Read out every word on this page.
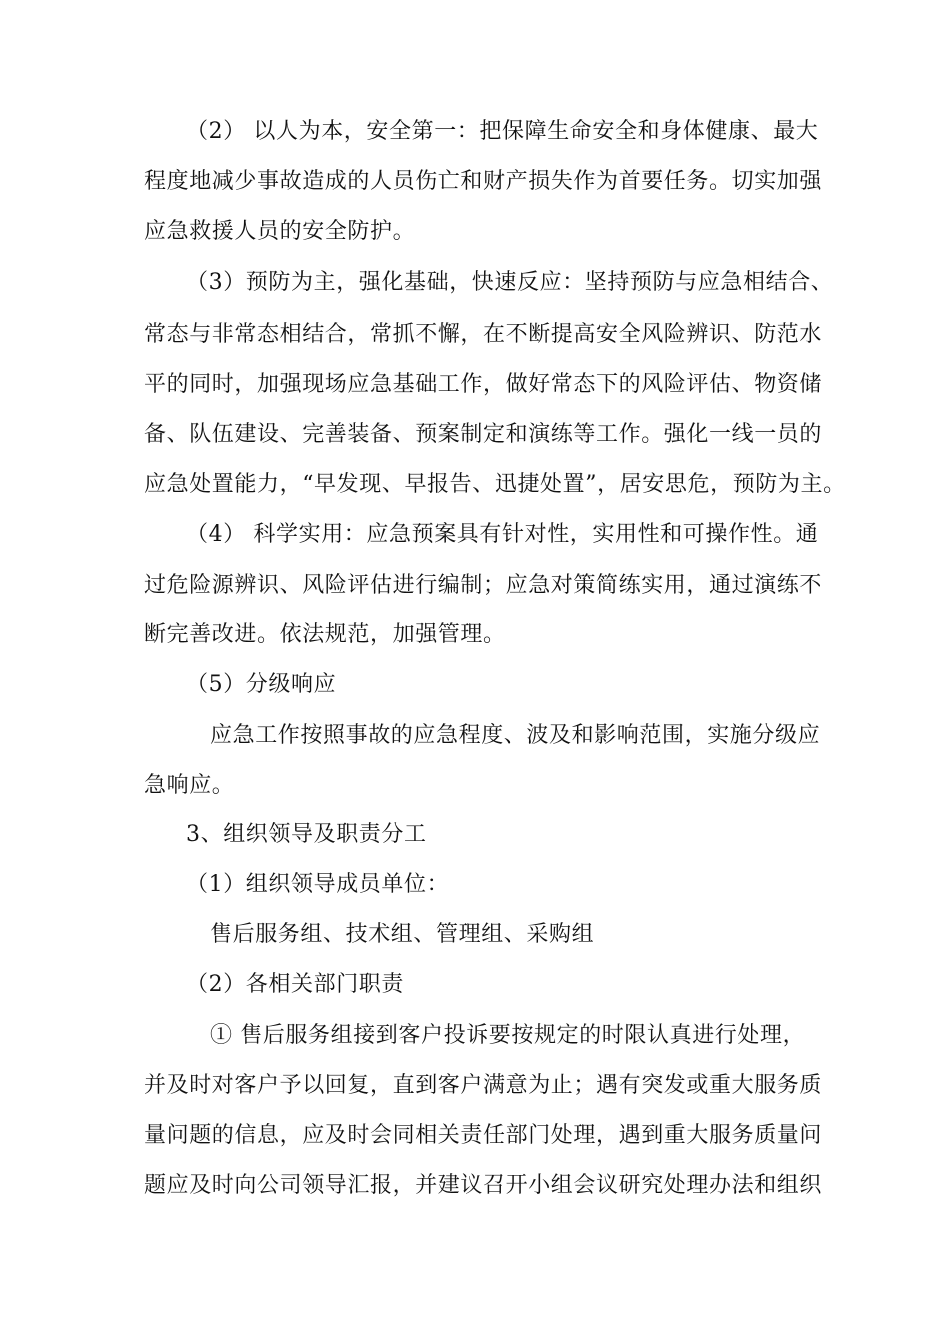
（2） 以人为本，安全第一：把保障生命安全和身体健康、最大
程度地减少事故造成的人员伤亡和财产损失作为首要任务。切实加强
应急救援人员的安全防护。
（3）预防为主，强化基础，快速反应：坚持预防与应急相结合、
常态与非常态相结合，常抓不懈，在不断提高安全风险辨识、防范水
平的同时，加强现场应急基础工作，做好常态下的风险评估、物资储
备、队伍建设、完善装备、预案制定和演练等工作。强化一线一员的
应急处置能力，“早发现、早报告、迅捷处置”，居安思危，预防为主。
（4） 科学实用：应急预案具有针对性，实用性和可操作性。通
过危险源辨识、风险评估进行编制；应急对策简练实用，通过演练不
断完善改进。依法规范，加强管理。
（5）分级响应
应急工作按照事故的应急程度、波及和影响范围，实施分级应
急响应。
3、组织领导及职责分工
（1）组织领导成员单位：
售后服务组、技术组、管理组、采购组
（2）各相关部门职责
① 售后服务组接到客户投诉要按规定的时限认真进行处理，
并及时对客户予以回复，直到客户满意为止；遇有突发或重大服务质
量问题的信息，应及时会同相关责任部门处理，遇到重大服务质量问
题应及时向公司领导汇报，并建议召开小组会议研究处理办法和组织
